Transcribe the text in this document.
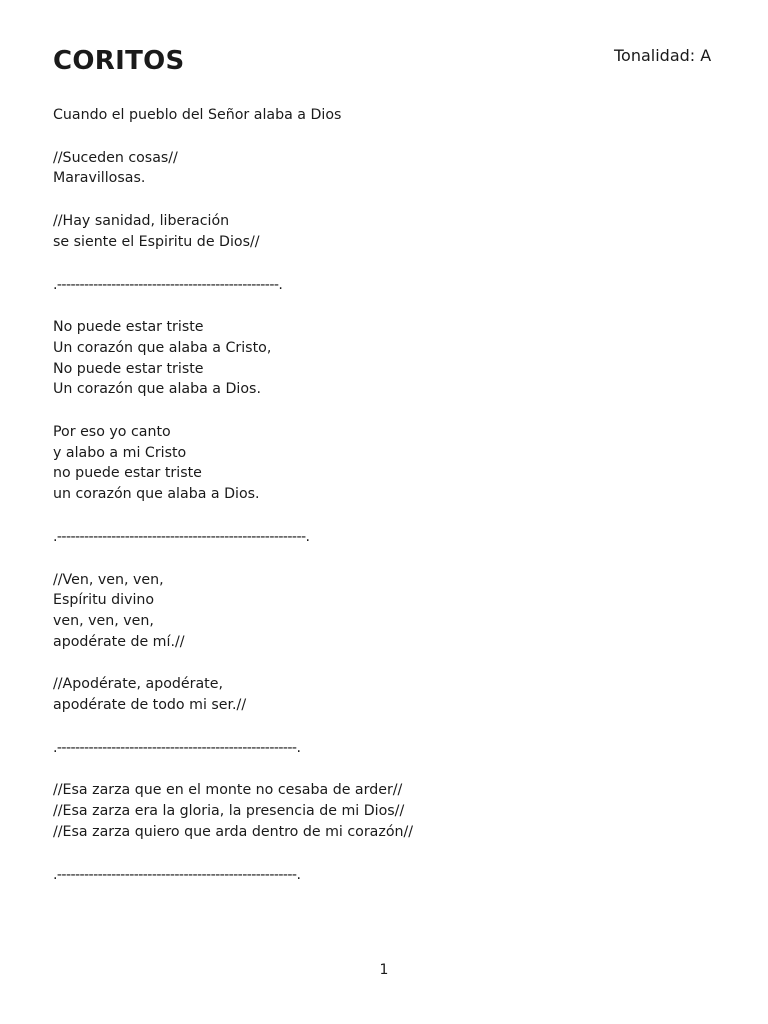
CORITOS	Tonalidad: A

Cuando el pueblo del Señor alaba a Dios

//Suceden cosas//
Maravillosas.

//Hay sanidad, liberación
se siente el Espiritu de Dios//

.-------------------------------------------------.

No puede estar triste
Un corazón que alaba a Cristo,
No puede estar triste
Un corazón que alaba a Dios.

Por eso yo canto
y alabo a mi Cristo
no puede estar triste
un corazón que alaba a Dios.

.-------------------------------------------------------.

//Ven, ven, ven,
Espíritu divino
ven, ven, ven,
apodérate de mí.//

//Apodérate, apodérate,
apodérate de todo mi ser.//

.-----------------------------------------------------.

//Esa zarza que en el monte no cesaba de arder//
//Esa zarza era la gloria, la presencia de mi Dios//
//Esa zarza quiero que arda dentro de mi corazón//

.-----------------------------------------------------.

1
